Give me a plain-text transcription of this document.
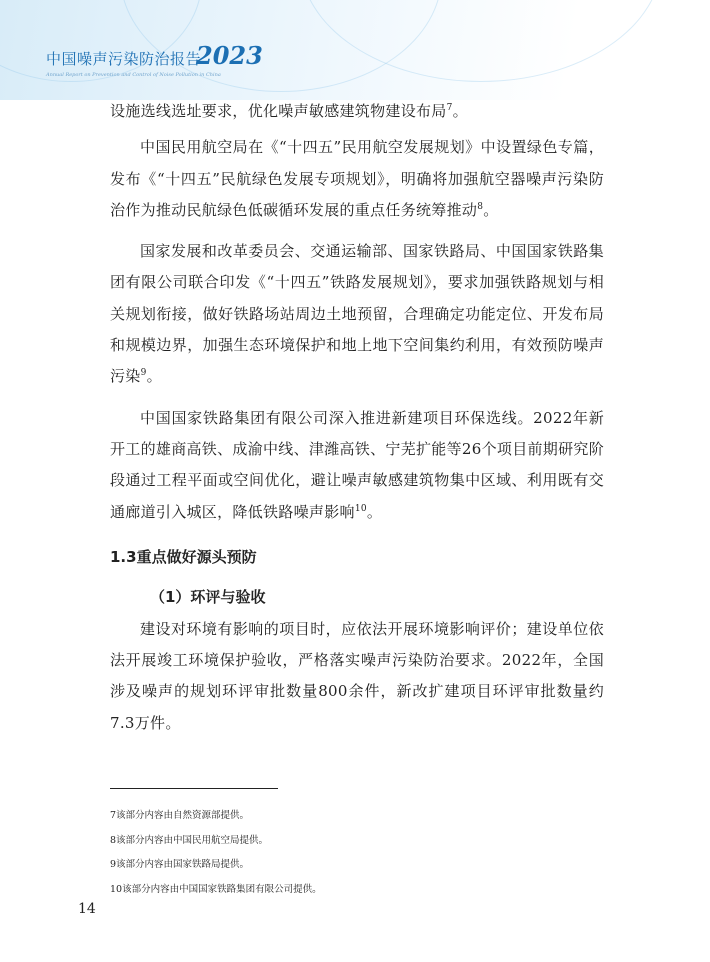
中国噪声污染防治报告
2023
Annual Report on Prevention and Control of Noise Pollution in China

设施选线选址要求，优化噪声敏感建筑物建设布局$^7$。

中国民用航空局在《“十四五”民用航空发展规划》中设置绿色专篇，发布《“十四五”民航绿色发展专项规划》，明确将加强航空器噪声污染防治作为推动民航绿色低碳循环发展的重点任务统筹推动$^8$。

国家发展和改革委员会、交通运输部、国家铁路局、中国国家铁路集团有限公司联合印发《“十四五”铁路发展规划》，要求加强铁路规划与相关规划衔接，做好铁路场站周边土地预留，合理确定功能定位、开发布局和规模边界，加强生态环境保护和地上地下空间集约利用，有效预防噪声污染$^9$。

中国国家铁路集团有限公司深入推进新建项目环保选线。2022年新开工的雄商高铁、成渝中线、津潍高铁、宁芜扩能等26个项目前期研究阶段通过工程平面或空间优化，避让噪声敏感建筑物集中区域、利用既有交通廊道引入城区，降低铁路噪声影响$^{10}$。

1.3重点做好源头预防
（1）环评与验收

建设对环境有影响的项目时，应依法开展环境影响评价；建设单位依法开展竣工环境保护验收，严格落实噪声污染防治要求。2022年，全国涉及噪声的规划环评审批数量800余件，新改扩建项目环评审批数量约7.3万件。

7该部分内容由自然资源部提供。

8该部分内容由中国民用航空局提供。

9该部分内容由国家铁路局提供。

10该部分内容由中国国家铁路集团有限公司提供。

14
